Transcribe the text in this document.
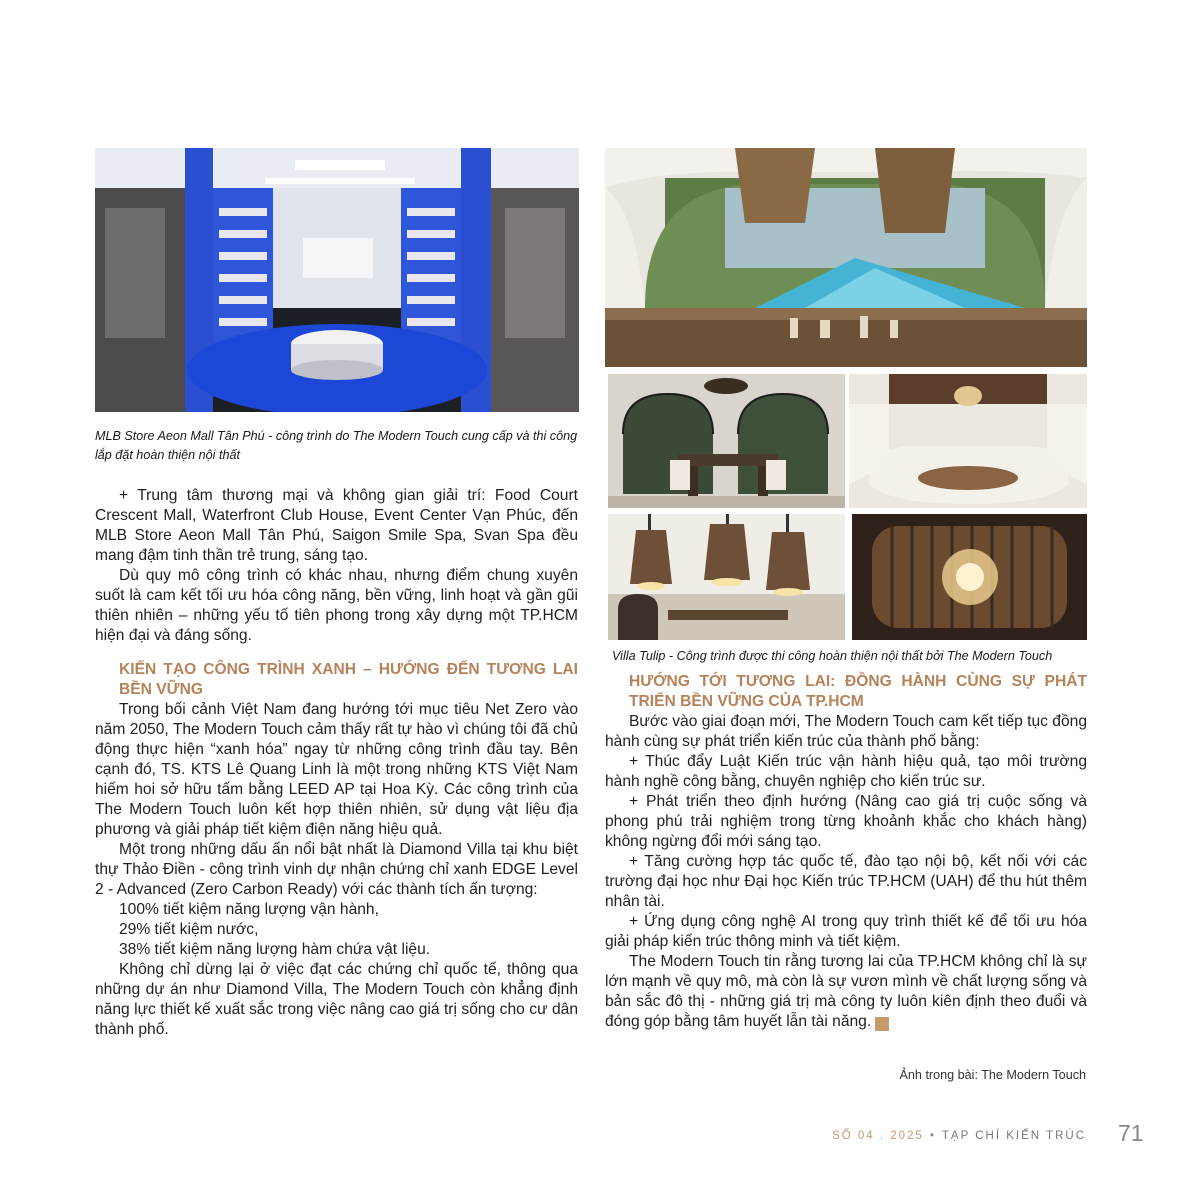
MLB Store Aeon Mall Tân Phú - công trình do The Modern Touch cung cấp và thi công lắp đặt hoàn thiện nội thất
Villa Tulip - Công trình được thi công hoàn thiện nội thất bởi The Modern Touch

+ Trung tâm thương mại và không gian giải trí: Food Court Crescent Mall, Waterfront Club House, Event Center Vạn Phúc, đến MLB Store Aeon Mall Tân Phú, Saigon Smile Spa, Svan Spa đều mang đậm tinh thần trẻ trung, sáng tạo.

Dù quy mô công trình có khác nhau, nhưng điểm chung xuyên suốt là cam kết tối ưu hóa công năng, bền vững, linh hoạt và gần gũi thiên nhiên – những yếu tố tiên phong trong xây dựng một TP.HCM hiện đại và đáng sống.

KIẾN TẠO CÔNG TRÌNH XANH – HƯỚNG ĐẾN TƯƠNG LAI BỀN VỮNG

Trong bối cảnh Việt Nam đang hướng tới mục tiêu Net Zero vào năm 2050, The Modern Touch cảm thấy rất tự hào vì chúng tôi đã chủ động thực hiện “xanh hóa” ngay từ những công trình đầu tay. Bên cạnh đó, TS. KTS Lê Quang Linh là một trong những KTS Việt Nam hiếm hoi sở hữu tấm bằng LEED AP tại Hoa Kỳ. Các công trình của The Modern Touch luôn kết hợp thiên nhiên, sử dụng vật liệu địa phương và giải pháp tiết kiệm điện năng hiệu quả.

Một trong những dấu ấn nổi bật nhất là Diamond Villa tại khu biệt thự Thảo Điền - công trình vinh dự nhận chứng chỉ xanh EDGE Level 2 - Advanced (Zero Carbon Ready) với các thành tích ấn tượng:

100% tiết kiệm năng lượng vận hành,

29% tiết kiệm nước,

38% tiết kiệm năng lượng hàm chứa vật liệu.

Không chỉ dừng lại ở việc đạt các chứng chỉ quốc tế, thông qua những dự án như Diamond Villa, The Modern Touch còn khẳng định năng lực thiết kế xuất sắc trong việc nâng cao giá trị sống cho cư dân thành phố.

HƯỚNG TỚI TƯƠNG LAI: ĐỒNG HÀNH CÙNG SỰ PHÁT TRIỂN BỀN VỮNG CỦA TP.HCM

Bước vào giai đoạn mới, The Modern Touch cam kết tiếp tục đồng hành cùng sự phát triển kiến trúc của thành phố bằng:

+ Thúc đẩy Luật Kiến trúc vận hành hiệu quả, tạo môi trường hành nghề công bằng, chuyên nghiệp cho kiến trúc sư.

+ Phát triển theo định hướng (Nâng cao giá trị cuộc sống và phong phú trải nghiệm trong từng khoảnh khắc cho khách hàng) không ngừng đổi mới sáng tạo.

+ Tăng cường hợp tác quốc tế, đào tạo nội bộ, kết nối với các trường đại học như Đại học Kiến trúc TP.HCM (UAH) để thu hút thêm nhân tài.

+ Ứng dụng công nghệ AI trong quy trình thiết kế để tối ưu hóa giải pháp kiến trúc thông minh và tiết kiệm.

The Modern Touch tin rằng tương lai của TP.HCM không chỉ là sự lớn mạnh về quy mô, mà còn là sự vươn mình về chất lượng sống và bản sắc đô thị - những giá trị mà công ty luôn kiên định theo đuổi và đóng góp bằng tâm huyết lẫn tài năng.	K

Ảnh trong bài: The Modern Touch
SỐ 04 . 2025 • TẠP CHÍ KIẾN TRÚC 71
